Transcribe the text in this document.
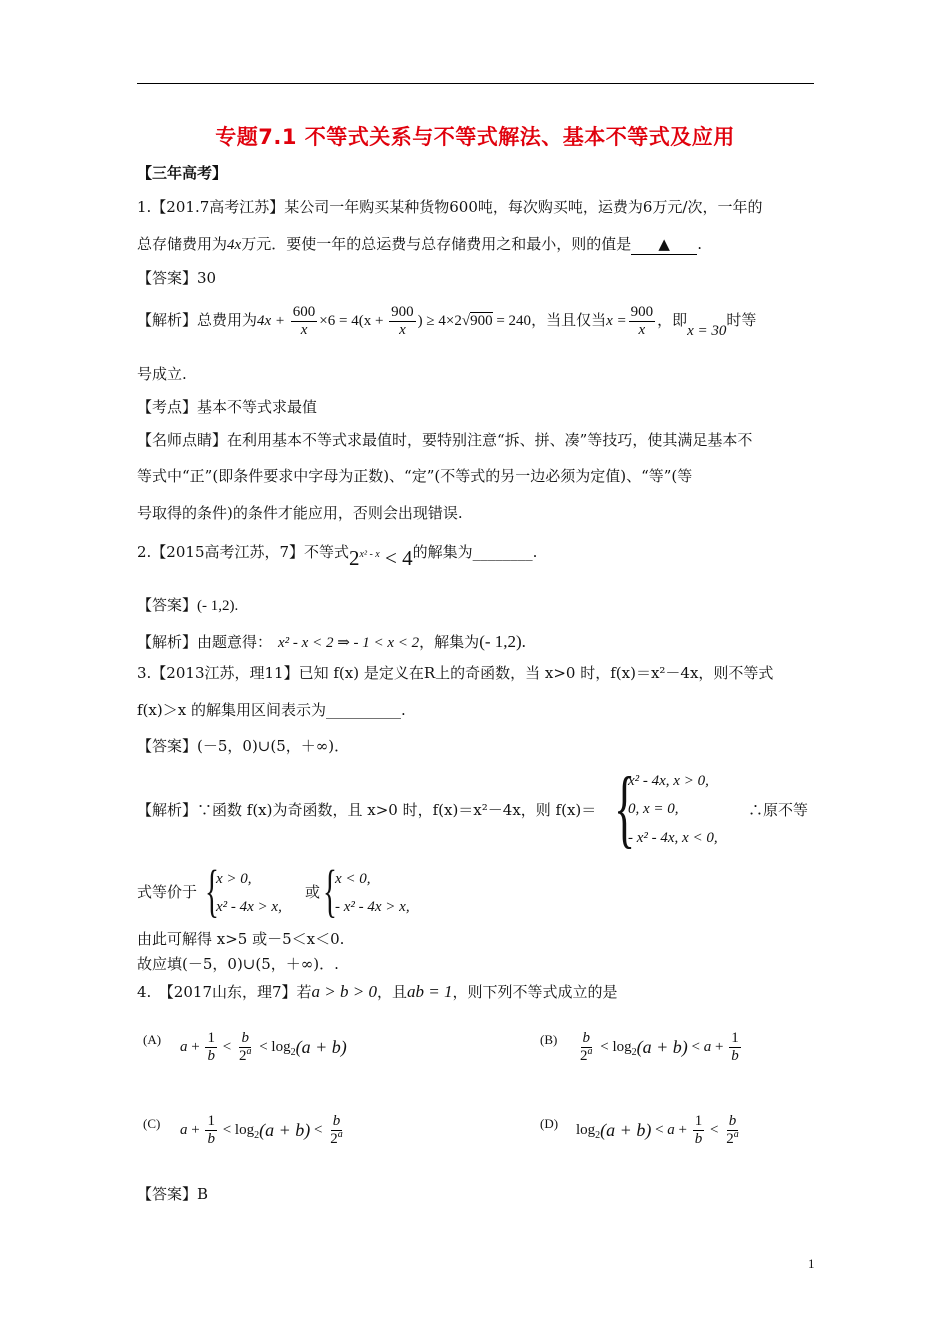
专题7.1 不等式关系与不等式解法、基本不等式及应用
【三年高考】
1.【201.7高考江苏】某公司一年购买某种货物600吨，每次购买吨，运费为6万元/次，一年的
总存储费用为4x万元．要使一年的总运费与总存储费用之和最小，则的值是 ▲ .
【答案】30
【解析】总费用为$4x + \frac{600}{x} \times 6 = 4(x + \frac{900}{x}$ ) ≥ 4×2√900 = 240，当且仅当$x = \frac{900}{x}$ ，即x = 30时等
号成立.
【考点】基本不等式求最值
【名师点睛】在利用基本不等式求最值时，要特别注意“拆、拼、凑”等技巧，使其满足基本不
等式中“正”(即条件要求中字母为正数)、“定”(不等式的另一边必须为定值)、“等”(等
号取得的条件)的条件才能应用，否则会出现错误.
2.【2015高考江苏，7】不等式$2^{x^2 - x} < 4$的解集为________.
【答案】(- 1,2).
【解析】由题意得： x² - x < 2 ⇒ - 1 < x < 2，解集为(- 1,2).
3.【2013江苏，理11】已知 f(x) 是定义在R上的奇函数，当 x>0 时，f(x)＝x²－4x，则不等式
f(x)＞x 的解集用区间表示为__________.
【答案】(－5，0)∪(5，＋∞)．
【解析】∵函数 f(x)为奇函数，且 x>0 时，f(x)＝x²－4x，则 f(x)＝ {
x² - 4x, x > 0,
0, x = 0,
- x² - 4x, x < 0,
∴原不等
式等价于 {
x > 0,
x² - 4x > x,
或 {
x < 0,
- x² - 4x > x,
由此可解得 x>5 或－5＜x＜0.
故应填(－5，0)∪(5，＋∞)．.
4.　【2017山东，理7】若a > b > 0，且ab = 1，则下列不等式成立的是
(A) $a + \frac{1}{b} < \frac{b}{2^a} < \log_2 (a + b)$	$(B) \frac{b}{2^a} < \log_2 (a + b) < a + \frac{1}{b}$
(C) $a + \frac{1}{b} < \log_2 (a + b) < \frac{b}{2^a}$	(D) $\log_2 (a + b) < a + \frac{1}{b} < \frac{b}{2^a}$
【答案】B
1
